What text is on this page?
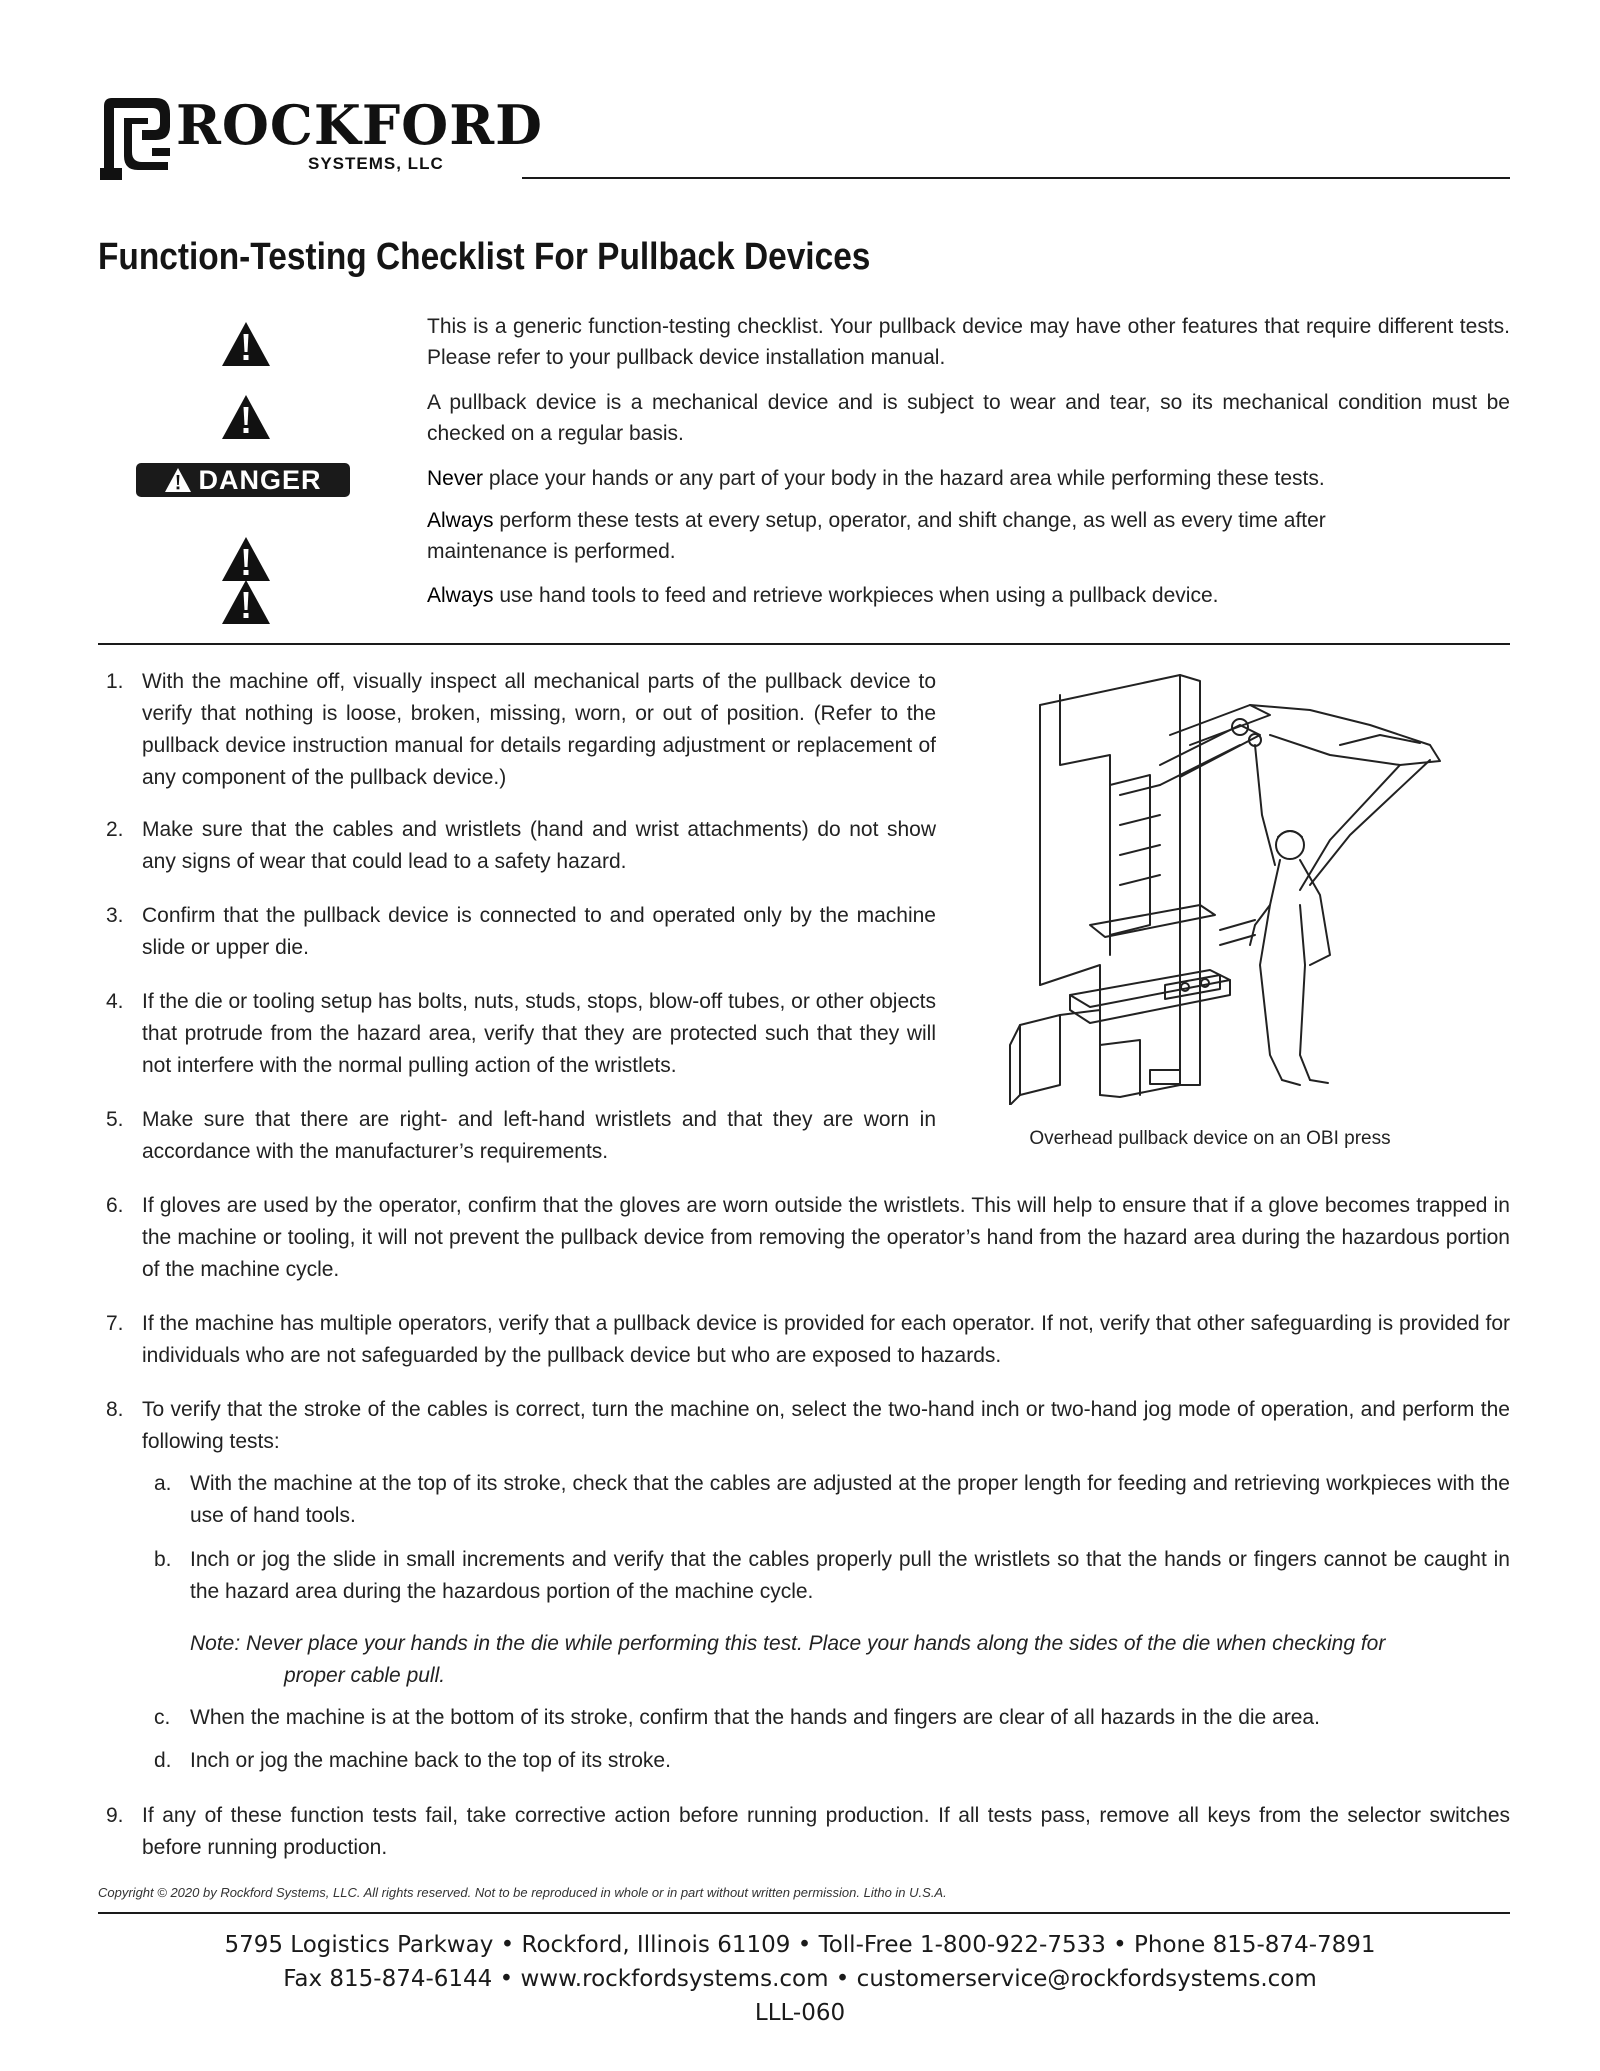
ROCKFORD
SYSTEMS, LLC
Function-Testing Checklist For Pullback Devices
DANGER
This is a generic function-testing checklist. Your pullback device may have other features that require different tests. Please refer to your pullback device installation manual.
A pullback device is a mechanical device and is subject to wear and tear, so its mechanical condition must be checked on a regular basis.
Never place your hands or any part of your body in the hazard area while performing these tests.
Always perform these tests at every setup, operator, and shift change, as well as every time after maintenance is performed.
Always use hand tools to feed and retrieve workpieces when using a pullback device.
1. With the machine off, visually inspect all mechanical parts of the pullback device to verify that nothing is loose, broken, missing, worn, or out of position. (Refer to the pullback device instruction manual for details regarding adjustment or replacement of any component of the pullback device.)
2. Make sure that the cables and wristlets (hand and wrist attachments) do not show any signs of wear that could lead to a safety hazard.
3. Confirm that the pullback device is connected to and operated only by the machine slide or upper die.
4. If the die or tooling setup has bolts, nuts, studs, stops, blow-off tubes, or other objects that protrude from the hazard area, verify that they are protected such that they will not interfere with the normal pulling action of the wristlets.
5. Make sure that there are right- and left-hand wristlets and that they are worn in accordance with the manufacturer’s requirements.
6. If gloves are used by the operator, confirm that the gloves are worn outside the wristlets. This will help to ensure that if a glove becomes trapped in the machine or tooling, it will not prevent the pullback device from removing the operator’s hand from the hazard area during the hazardous portion of the machine cycle.
7. If the machine has multiple operators, verify that a pullback device is provided for each operator. If not, verify that other safeguarding is provided for individuals who are not safeguarded by the pullback device but who are exposed to hazards.
8. To verify that the stroke of the cables is correct, turn the machine on, select the two-hand inch or two-hand jog mode of operation, and perform the following tests:
a. With the machine at the top of its stroke, check that the cables are adjusted at the proper length for feeding and retrieving workpieces with the use of hand tools.
b. Inch or jog the slide in small increments and verify that the cables properly pull the wristlets so that the hands or fingers cannot be caught in the hazard area during the hazardous portion of the machine cycle.
Note: Never place your hands in the die while performing this test. Place your hands along the sides of the die when checking for
proper cable pull.
c. When the machine is at the bottom of its stroke, confirm that the hands and fingers are clear of all hazards in the die area.
d. Inch or jog the machine back to the top of its stroke.
9. If any of these function tests fail, take corrective action before running production. If all tests pass, remove all keys from the selector switches before running production.
Overhead pullback device on an OBI press
Copyright © 2020 by Rockford Systems, LLC. All rights reserved. Not to be reproduced in whole or in part without written permission. Litho in U.S.A.
5795 Logistics Parkway • Rockford, Illinois 61109 • Toll-Free 1-800-922-7533 • Phone 815-874-7891
Fax 815-874-6144 • www.rockfordsystems.com • customerservice@rockfordsystems.com
LLL-060
